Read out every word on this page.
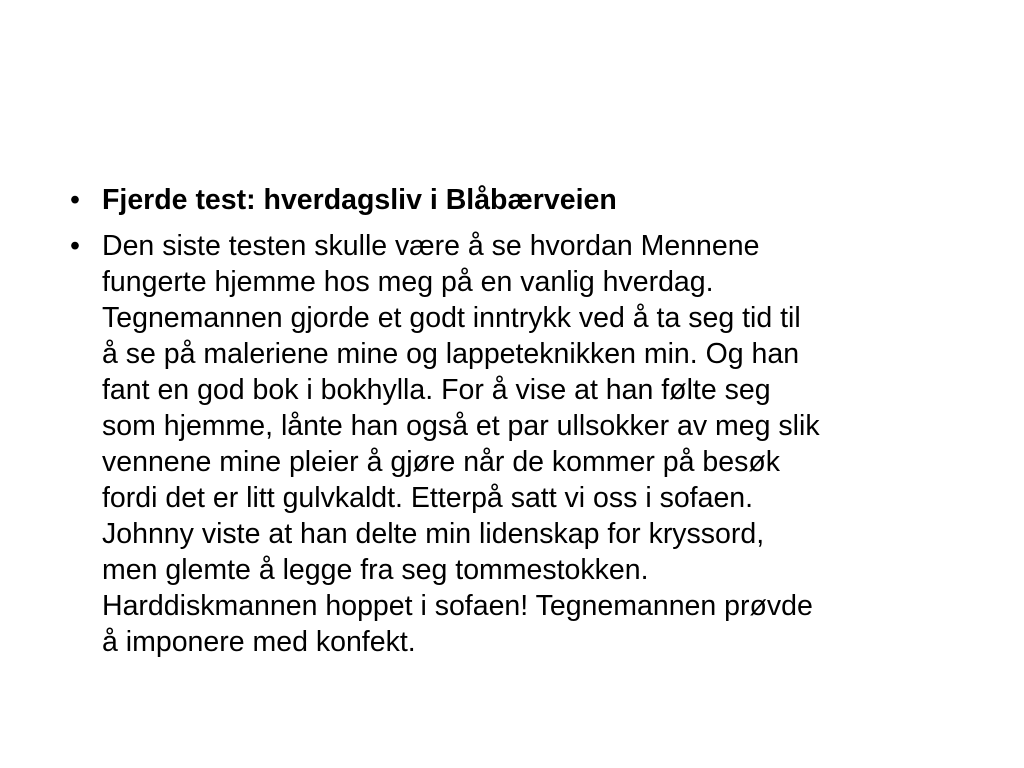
• Fjerde test: hverdagsliv i Blåbærveien
• Den siste testen skulle være å se hvordan Mennene
fungerte hjemme hos meg på en vanlig hverdag.
Tegnemannen gjorde et godt inntrykk ved å ta seg tid til
å se på maleriene mine og lappeteknikken min. Og han
fant en god bok i bokhylla. For å vise at han følte seg
som hjemme, lånte han også et par ullsokker av meg slik
vennene mine pleier å gjøre når de kommer på besøk
fordi det er litt gulvkaldt. Etterpå satt vi oss i sofaen.
Johnny viste at han delte min lidenskap for kryssord,
men glemte å legge fra seg tommestokken.
Harddiskmannen hoppet i sofaen! Tegnemannen prøvde
å imponere med konfekt.
